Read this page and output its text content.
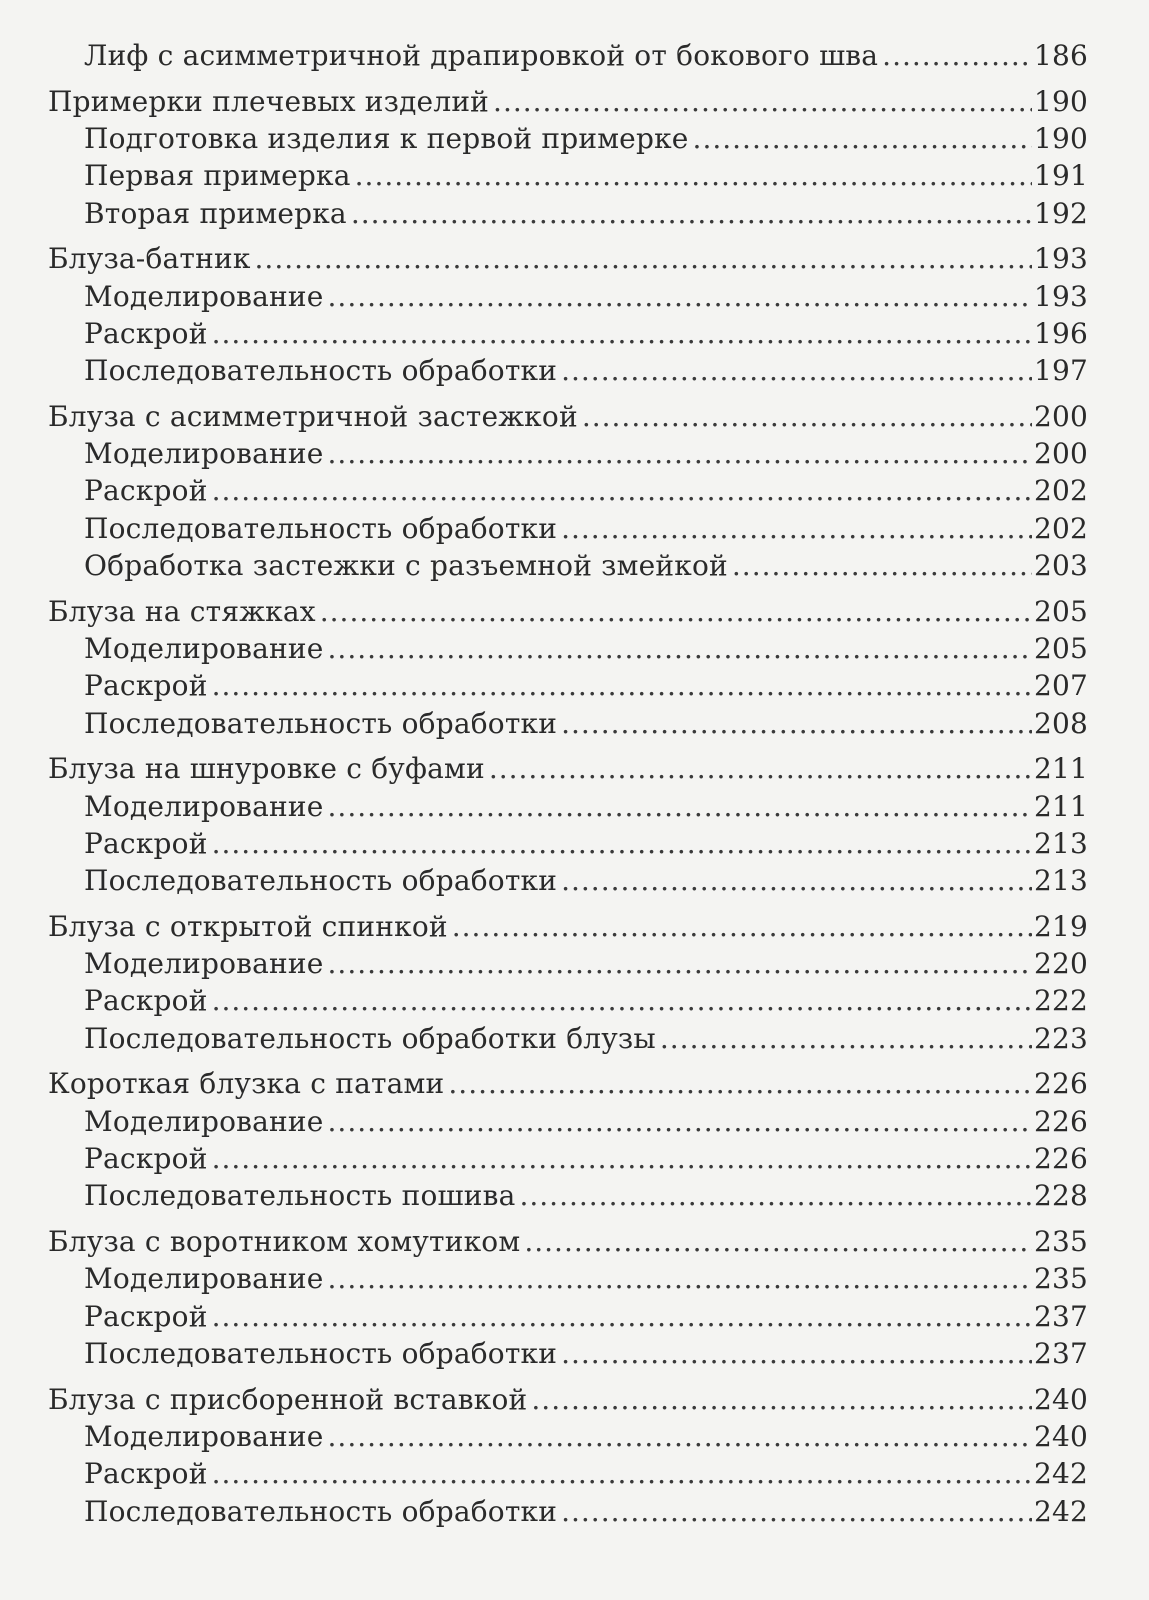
Лиф с асимметричной драпировкой от бокового шва .....	186
Примерки плечевых изделий .....	190
Подготовка изделия к первой примерке .....	190
Первая примерка .....	191
Вторая примерка .....	192
Блуза-батник .....	193
Моделирование .....	193
Раскрой .....	196
Последовательность обработки .....	197
Блуза с асимметричной застежкой .....	200
Моделирование .....	200
Раскрой .....	202
Последовательность обработки .....	202
Обработка застежки с разъемной змейкой .....	203
Блуза на стяжках .....	205
Моделирование .....	205
Раскрой .....	207
Последовательность обработки .....	208
Блуза на шнуровке с буфами .....	211
Моделирование .....	211
Раскрой .....	213
Последовательность обработки .....	213
Блуза с открытой спинкой .....	219
Моделирование .....	220
Раскрой .....	222
Последовательность обработки блузы .....	223
Короткая блузка с патами .....	226
Моделирование .....	226
Раскрой .....	226
Последовательность пошива .....	228
Блуза с воротником хомутиком .....	235
Моделирование .....	235
Раскрой .....	237
Последовательность обработки .....	237
Блуза с присборенной вставкой .....	240
Моделирование .....	240
Раскрой .....	242
Последовательность обработки .....	242
